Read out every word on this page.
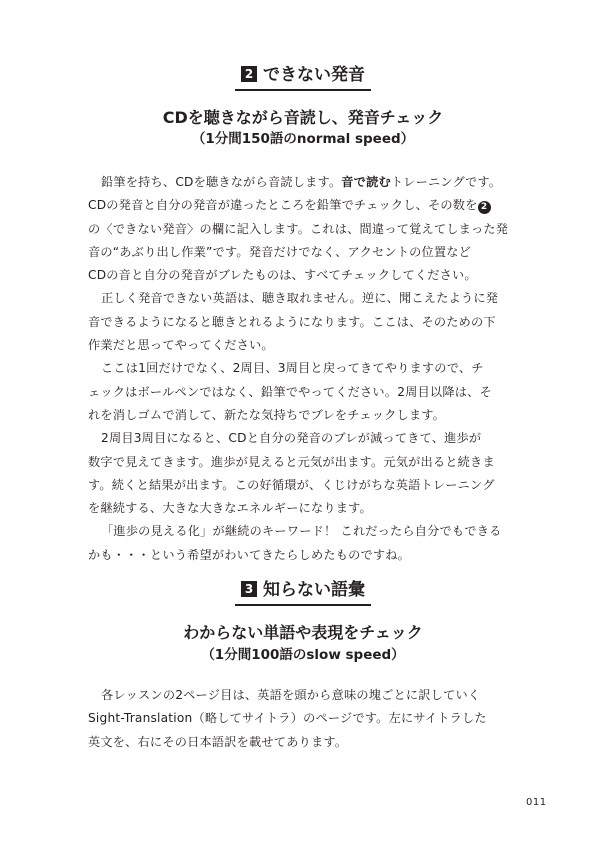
2 できない発音
CDを聴きながら音読し、発音チェック
（1分間150語のnormal speed）

鉛筆を持ち、CDを聴きながら音読します。音で読むトレーニングです。
CDの発音と自分の発音が違ったところを鉛筆でチェックし、その数を 2
の〈できない発音〉の欄に記入します。これは、間違って覚えてしまった発
音の“あぶり出し作業”です。発音だけでなく、アクセントの位置など
CDの音と自分の発音がブレたものは、すべてチェックしてください。

正しく発音できない英語は、聴き取れません。逆に、聞こえたように発
音できるようになると聴きとれるようになります。ここは、そのための下
作業だと思ってやってください。

ここは1回だけでなく、2周目、3周目と戻ってきてやりますので、チ
ェックはボールペンではなく、鉛筆でやってください。2周目以降は、そ
れを消しゴムで消して、新たな気持ちでブレをチェックします。

2周目3周目になると、CDと自分の発音のブレが減ってきて、進歩が
数字で見えてきます。進歩が見えると元気が出ます。元気が出ると続きま
す。続くと結果が出ます。この好循環が、くじけがちな英語トレーニング
を継続する、大きな大きなエネルギーになります。

「進歩の見える化」が継続のキーワード！ これだったら自分でもできる
かも・・・という希望がわいてきたらしめたものですね。

3 知らない語彙
わからない単語や表現をチェック
（1分間100語のslow speed）

各レッスンの2ページ目は、英語を頭から意味の塊ごとに訳していく
Sight-Translation（略してサイトラ）のページです。左にサイトラした
英文を、右にその日本語訳を載せてあります。

011
